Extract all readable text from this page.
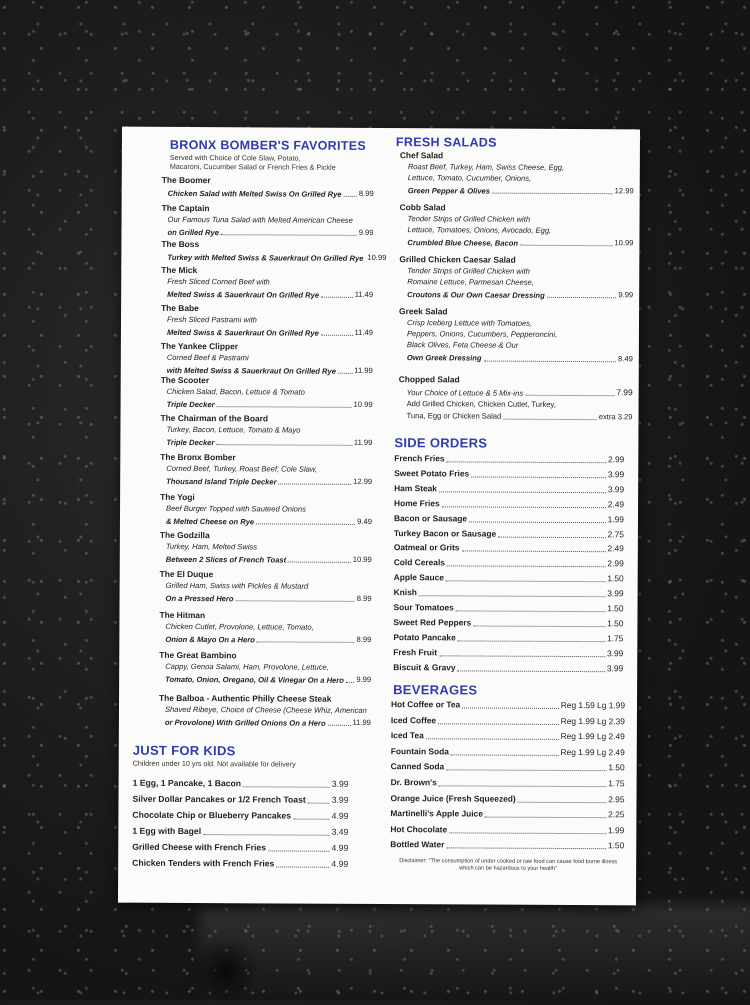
BRONX BOMBER'S FAVORITES
Served with Choice of Cole Slaw, Potato,
Macaroni, Cucumber Salad or French Fries & Pickle
The Boomer
Chicken Salad with Melted Swiss On Grilled Rye 8.99
The Captain
Our Famous Tuna Salad with Melted American Cheese
on Grilled Rye	9.99
The Boss
Turkey with Melted Swiss & Sauerkraut On Grilled Rye 10.99
The Mick
Fresh Sliced Corned Beef with
Melted Swiss & Sauerkraut On Grilled Rye	11.49
The Babe
Fresh Sliced Pastrami with
Melted Swiss & Sauerkraut On Grilled Rye	11.49
The Yankee Clipper
Corned Beef & Pastrami
with Melted Swiss & Sauerkraut On Grilled Rye 11.99
The Scooter
Chicken Salad, Bacon, Lettuce & Tomato
Triple Decker	10.99
The Chairman of the Board
Turkey, Bacon, Lettuce, Tomato & Mayo
Triple Decker	11.99
The Bronx Bomber
Corned Beef, Turkey, Roast Beef, Cole Slaw,
Thousand Island Triple Decker	12.99
The Yogi
Beef Burger Topped with Sauteed Onions
& Melted Cheese on Rye	9.49
The Godzilla
Turkey, Ham, Melted Swiss
Between 2 Slices of French Toast	10.99
The El Duque
Grilled Ham, Swiss with Pickles & Mustard
On a Pressed Hero	8.99
The Hitman
Chicken Cutlet, Provolone, Lettuce, Tomato,
Onion & Mayo On a Hero	8.99
The Great Bambino
Cappy, Genoa Salami, Ham, Provolone, Lettuce,
Tomato, Onion, Oregano, Oil & Vinegar On a Hero 9.99
The Balboa - Authentic Philly Cheese Steak
Shaved Ribeye, Choice of Cheese (Cheese Whiz, American
or Provolone) With Grilled Onions On a Hero	11.99
JUST FOR KIDS
Children under 10 yrs old. Not available for delivery
1 Egg, 1 Pancake, 1 Bacon	3.99
Silver Dollar Pancakes or 1/2 French Toast	3.99
Chocolate Chip or Blueberry Pancakes	4.99
1 Egg with Bagel	3.49
Grilled Cheese with French Fries	4.99
Chicken Tenders with French Fries	4.99
FRESH SALADS
Chef Salad
Roast Beef, Turkey, Ham, Swiss Cheese, Egg,
Lettuce, Tomato, Cucumber, Onions,
Green Pepper & Olives	12.99
Cobb Salad
Tender Strips of Grilled Chicken with
Lettuce, Tomatoes, Onions, Avocado, Egg,
Crumbled Blue Cheese, Bacon	10.99
Grilled Chicken Caesar Salad
Tender Strips of Grilled Chicken with
Romaine Lettuce, Parmesan Cheese,
Croutons & Our Own Caesar Dressing	9.99
Greek Salad
Crisp Iceberg Lettuce with Tomatoes,
Peppers, Onions, Cucumbers, Pepperoncini,
Black Olives, Feta Cheese & Our
Own Greek Dressing	8.49
Chopped Salad
Your Choice of Lettuce & 5 Mix-ins	7.99
Add Grilled Chicken, Chicken Cutlet, Turkey,
Tuna, Egg or Chicken Salad	extra 3.29
SIDE ORDERS
French Fries	2.99
Sweet Potato Fries	3.99
Ham Steak	3.99
Home Fries	2.49
Bacon or Sausage	1.99
Turkey Bacon or Sausage	2.75
Oatmeal or Grits	2.49
Cold Cereals	2.99
Apple Sauce	1.50
Knish	3.99
Sour Tomatoes	1.50
Sweet Red Peppers	1.50
Potato Pancake	1.75
Fresh Fruit	3.99
Biscuit & Gravy	3.99
BEVERAGES
Hot Coffee or Tea	Reg 1.59 Lg 1.99
Iced Coffee	Reg 1.99 Lg 2.39
Iced Tea	Reg 1.99 Lg 2.49
Fountain Soda	Reg 1.99 Lg 2.49
Canned Soda	1.50
Dr. Brown's	1.75
Orange Juice (Fresh Squeezed)	2.95
Martinelli's Apple Juice	2.25
Hot Chocolate	1.99
Bottled Water	1.50
Disclaimer: "The consumption of under cooked or raw food can cause food borne illness
which can be hazardous to your health"
